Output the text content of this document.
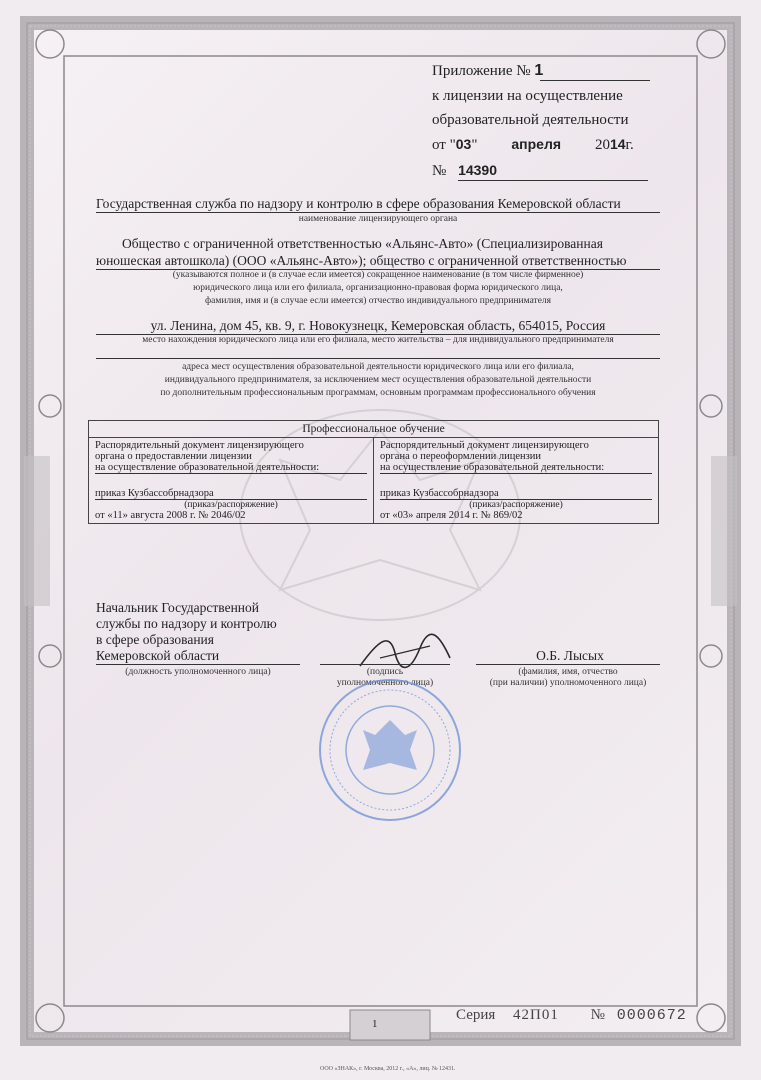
Приложение № 1
к лицензии на осуществление
образовательной деятельности
от "03" апреля 2014г.
№ 14390
Государственная служба по надзору и контролю в сфере образования Кемеровской области
наименование лицензирующего органа
Общество с ограниченной ответственностью «Альянс-Авто» (Специализированная
юношеская автошкола) (ООО «Альянс-Авто»); общество с ограниченной ответственностью
(указываются полное и (в случае если имеется) сокращенное наименование (в том числе фирменное)
юридического лица или его филиала, организационно-правовая форма юридического лица,
фамилия, имя и (в случае если имеется) отчество индивидуального предпринимателя
ул. Ленина, дом 45, кв. 9, г. Новокузнецк, Кемеровская область, 654015, Россия
место нахождения юридического лица или его филиала, место жительства – для индивидуального предпринимателя
адреса мест осуществления образовательной деятельности юридического лица или его филиала,
индивидуального предпринимателя, за исключением мест осуществления образовательной деятельности
по дополнительным профессиональным программам, основным программам профессионального обучения
Профессиональное обучение

Распорядительный документ лицензирующего
органа о предоставлении лицензии
на осуществление образовательной деятельности:
приказ Кузбассобрнадзора
(приказ/распоряжение)
от «11» августа 2008 г. № 2046/02

Распорядительный документ лицензирующего
органа о переоформлении лицензии
на осуществление образовательной деятельности:
приказ Кузбассобрнадзора
(приказ/распоряжение)
от «03» апреля 2014 г. № 869/02
Начальник Государственной
службы по надзору и контролю
в сфере образования
Кемеровской области
(должность уполномоченного лица)	(подпись
уполномоченного лица)
О.Б. Лысых
(фамилия, имя, отчество
(при наличии) уполномоченного лица)
Серия 42П01 № 0000672
1
ООО «ЗНАК», г. Москва, 2012 г., «А», лиц. № 12431.
